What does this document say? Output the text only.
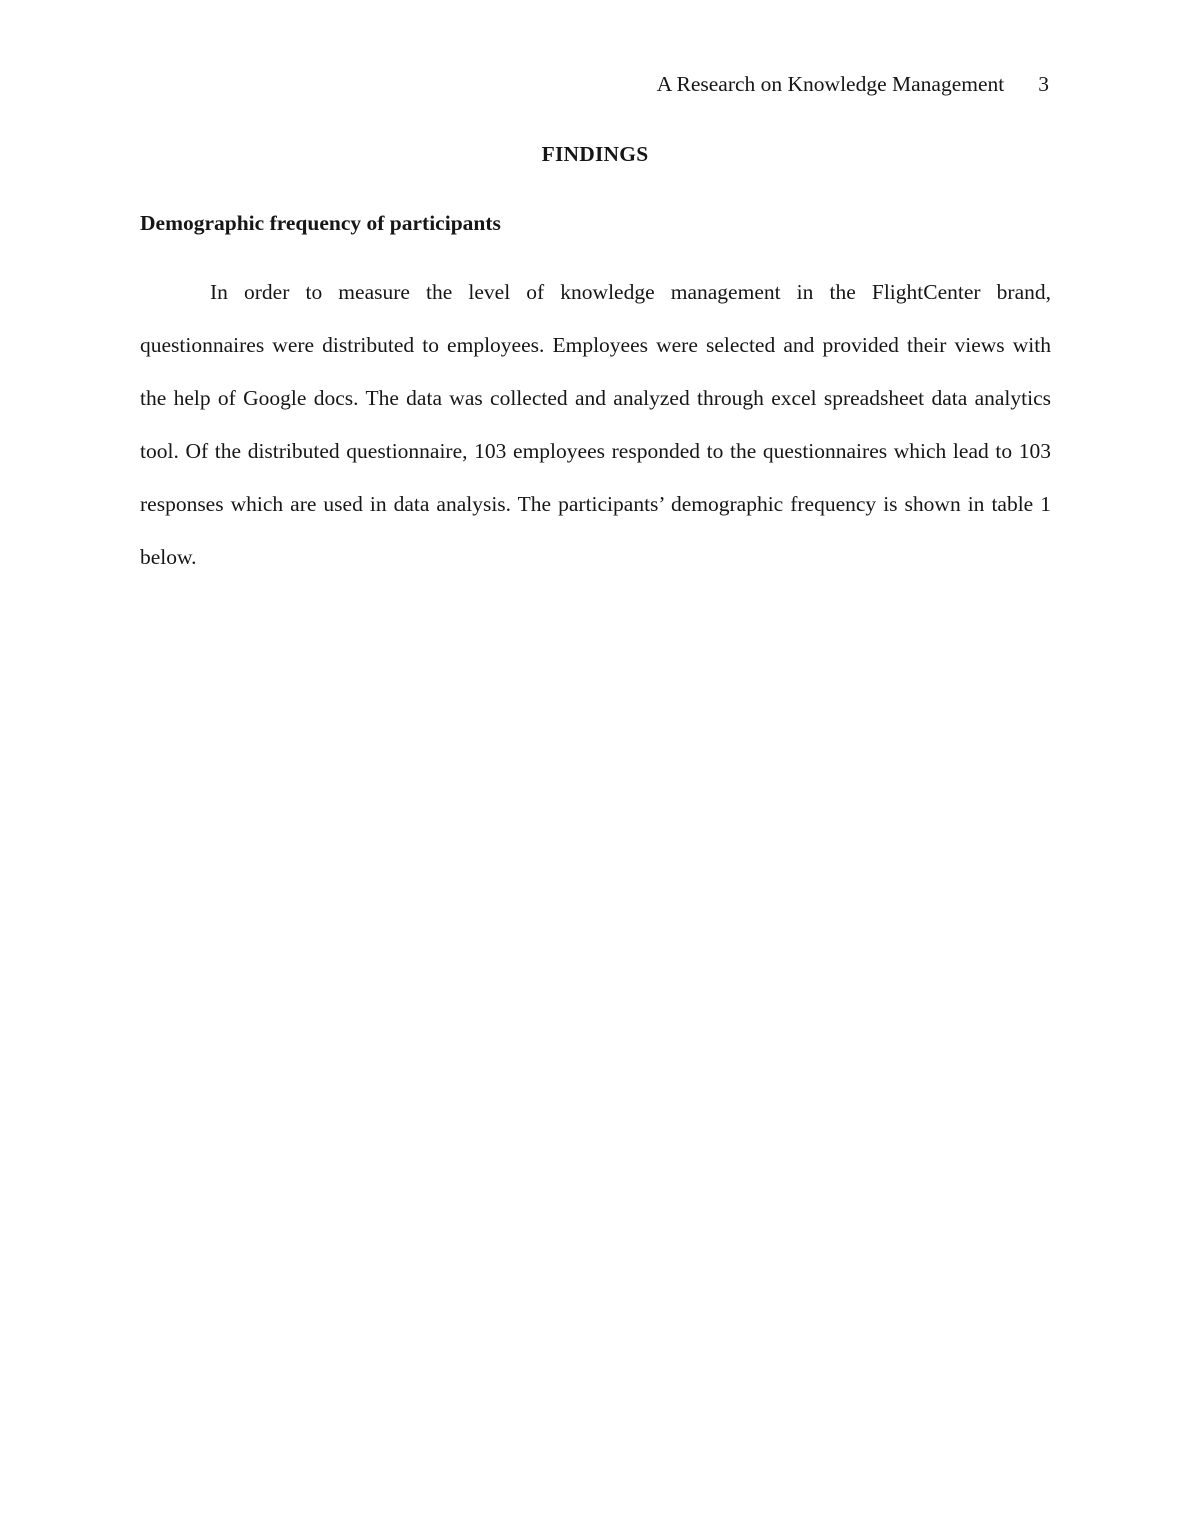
A Research on Knowledge Management 3
FINDINGS
Demographic frequency of participants

In order to measure the level of knowledge management in the FlightCenter brand, questionnaires were distributed to employees. Employees were selected and provided their views with the help of Google docs. The data was collected and analyzed through excel spreadsheet data analytics tool. Of the distributed questionnaire, 103 employees responded to the questionnaires which lead to 103 responses which are used in data analysis. The participants’ demographic frequency is shown in table 1 below.
